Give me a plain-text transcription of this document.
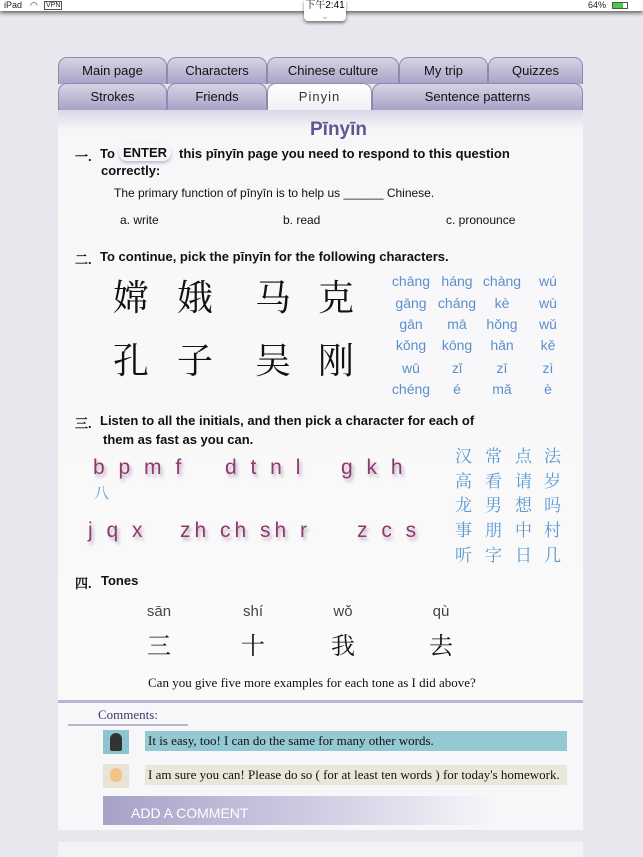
iPad ◠ VPN	64%
下午2:41
⌄
Main page	Characters	Chinese culture	My trip	Quizzes
Strokes	Friends	Pinyin	Sentence patterns
Pīnyīn
一. To ENTER this pīnyīn page you need to respond to this question
correctly:
The primary function of pīnyīn is to help us ______ Chinese.
a. write	b. read	c. pronounce
二. To continue, pick the pīnyīn for the following characters.
嫦 娥 马 克
孔 子 吴 刚
chāng háng chàng	wú
gāng cháng	kè	wù
gān	mā	hǒng	wǔ
kǒng	kōng	hān	kě
wū	zǐ	zī	zì
chéng	é	mǎ	è
三. Listen to all the initials, and then pick a character for each of
them as fast as you can.
b p m f d t n l g k h
j q x zh ch sh r z c s
八
汉 常 点 法
高 看 请 岁
龙 男 想 吗
事 朋 中 村
听 字 日 几
四. Tones
sān
三
shí
十
wǒ
我
qù
去
Can you give five more examples for each tone as I did above?
Comments:
It is easy, too! I can do the same for many other words.
I am sure you can! Please do so ( for at least ten words ) for today's homework.
ADD A COMMENT
